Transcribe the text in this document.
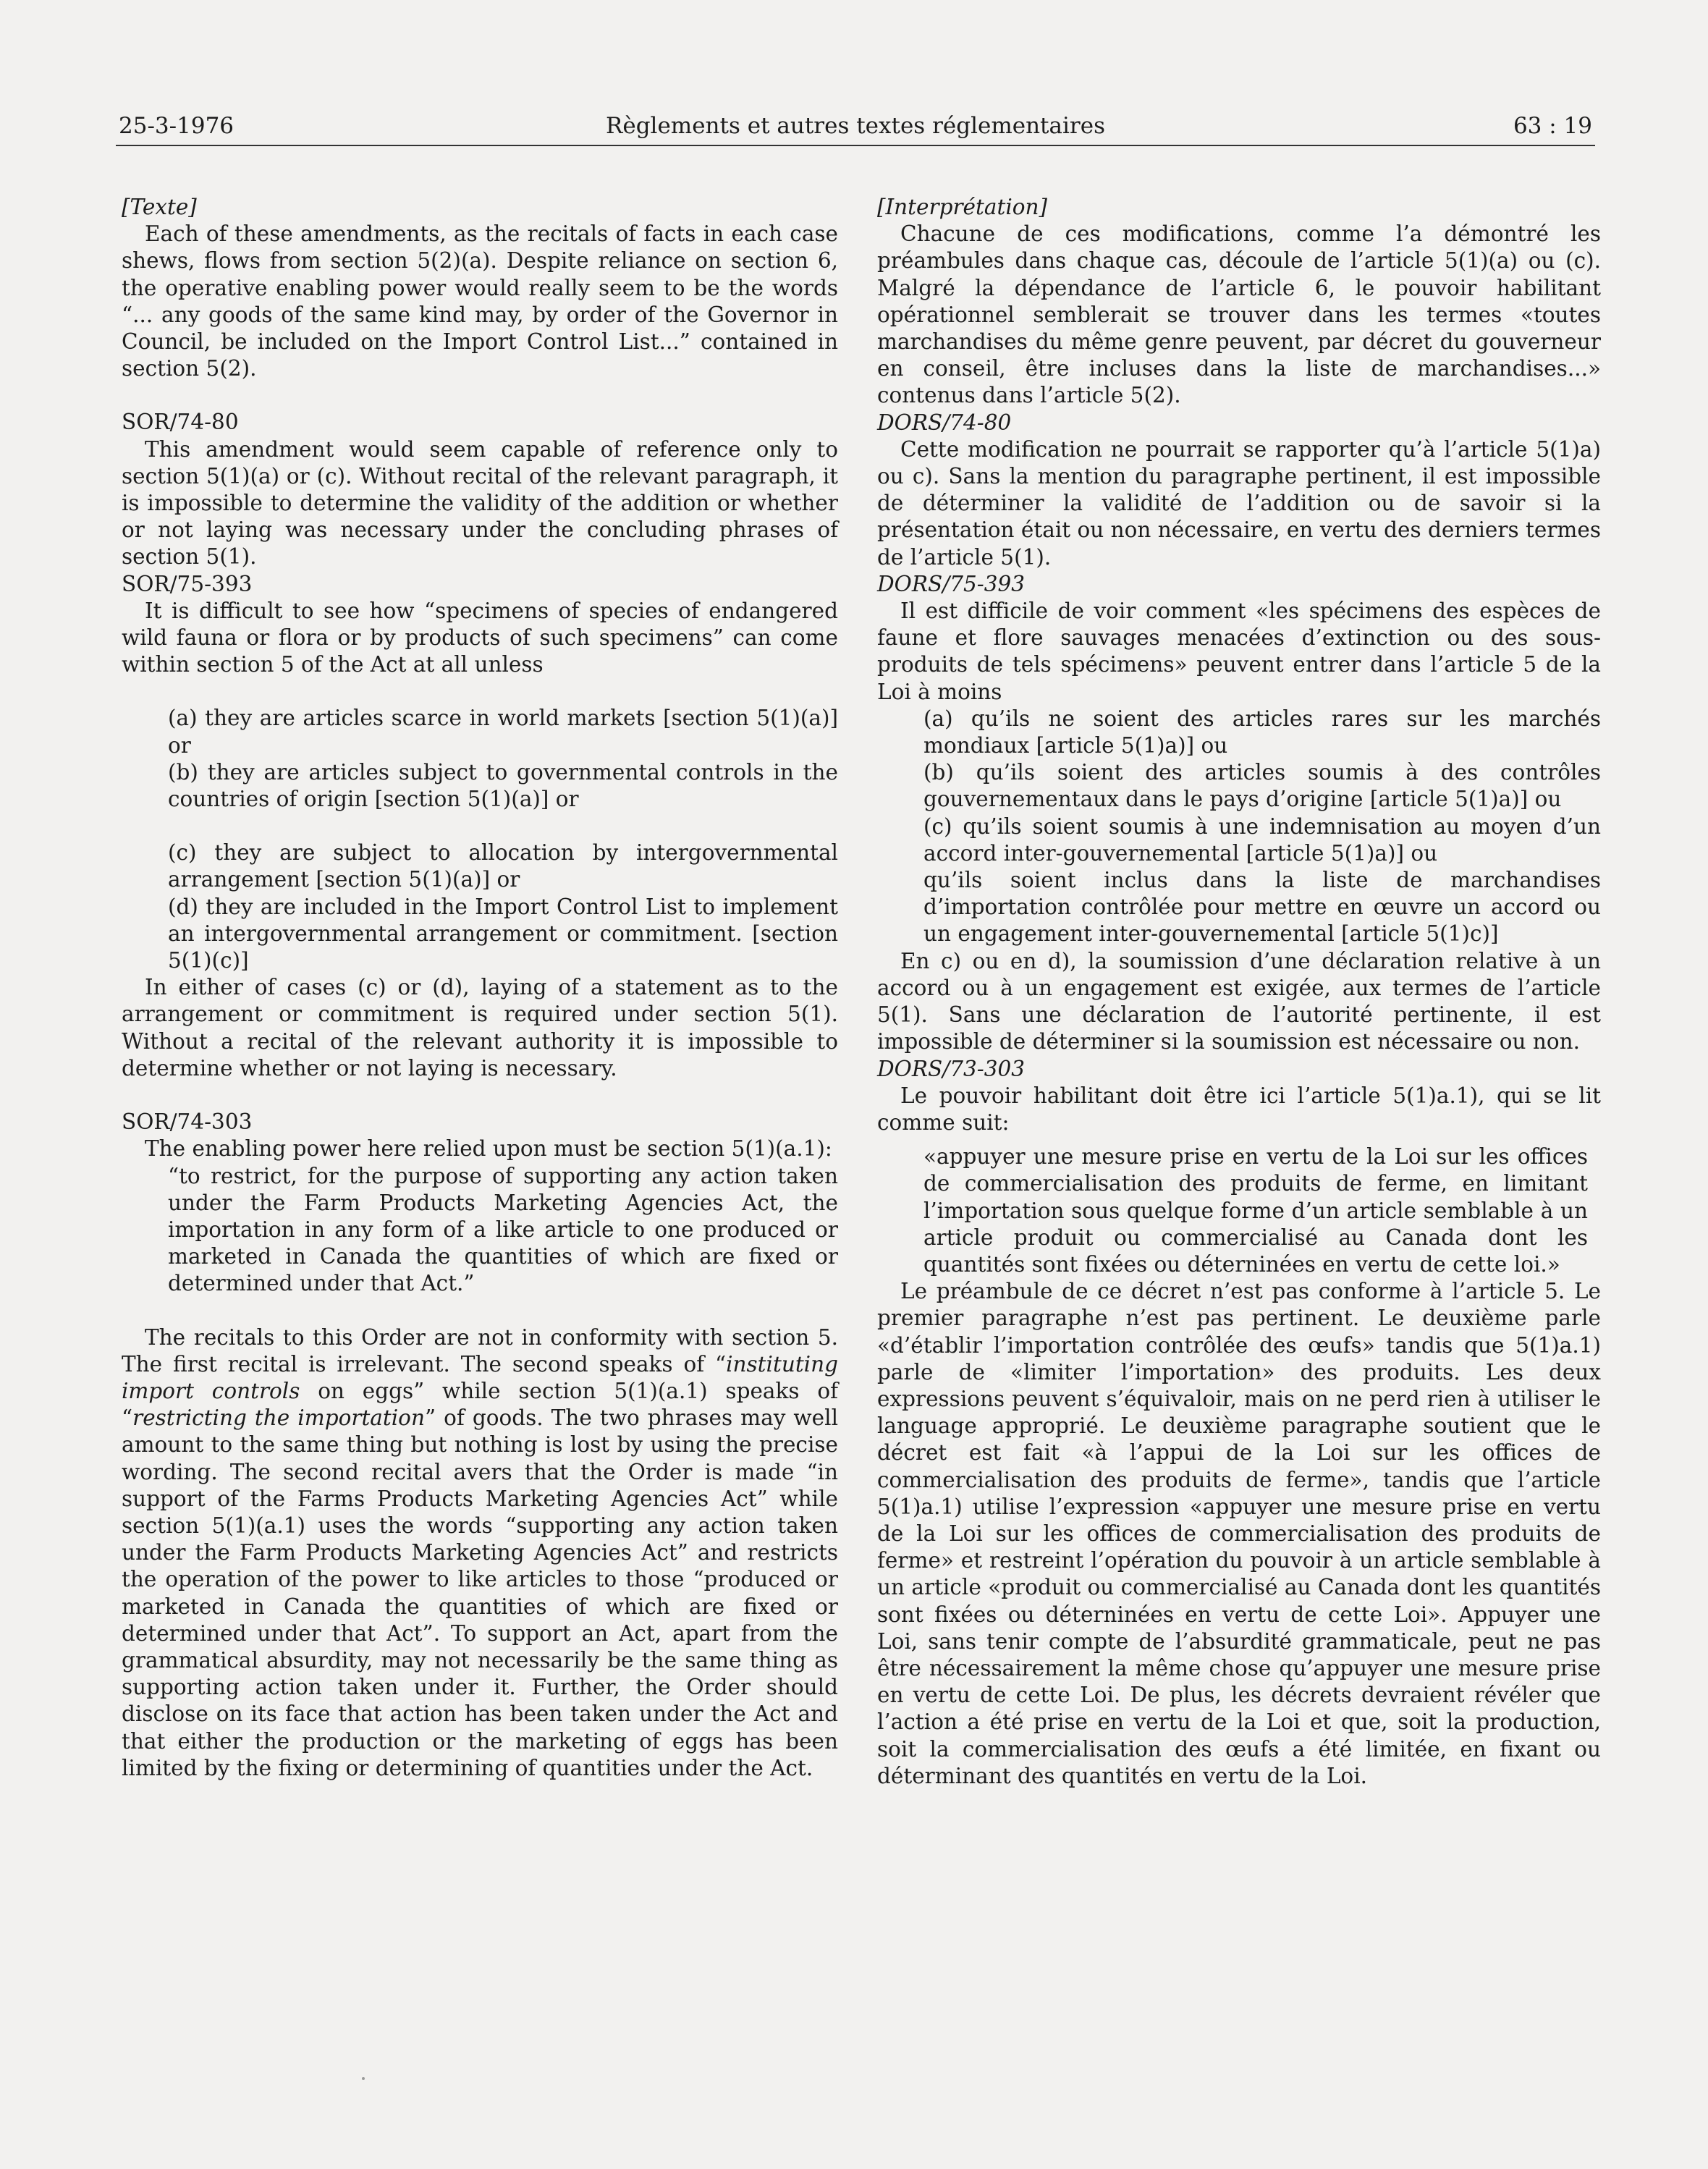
25-3-1976	Règlements et autres textes réglementaires	63 : 19

[Texte]

Each of these amendments, as the recitals of facts in each case shews, flows from section 5(2)(a). Despite reliance on section 6, the operative enabling power would really seem to be the words “... any goods of the same kind may, by order of the Governor in Council, be included on the Import Control List...” contained in section 5(2).

SOR/74-80

This amendment would seem capable of reference only to section 5(1)(a) or (c). Without recital of the relevant paragraph, it is impossible to determine the validity of the addition or whether or not laying was necessary under the concluding phrases of section 5(1).

SOR/75-393

It is difficult to see how “specimens of species of endangered wild fauna or flora or by products of such specimens” can come within section 5 of the Act at all unless

(a) they are articles scarce in world markets [section 5(1)(a)] or

(b) they are articles subject to governmental controls in the countries of origin [section 5(1)(a)] or

(c) they are subject to allocation by intergovernmental arrangement [section 5(1)(a)] or

(d) they are included in the Import Control List to implement an intergovernmental arrangement or commitment. [section 5(1)(c)]

In either of cases (c) or (d), laying of a statement as to the arrangement or commitment is required under section 5(1). Without a recital of the relevant authority it is impossible to determine whether or not laying is necessary.

SOR/74-303

The enabling power here relied upon must be section 5(1)(a.1):

“to restrict, for the purpose of supporting any action taken under the Farm Products Marketing Agencies Act, the importation in any form of a like article to one produced or marketed in Canada the quantities of which are fixed or determined under that Act.”

The recitals to this Order are not in conformity with section 5. The first recital is irrelevant. The second speaks of “instituting import controls on eggs” while section 5(1)(a.1) speaks of “restricting the importation” of goods. The two phrases may well amount to the same thing but nothing is lost by using the precise wording. The second recital avers that the Order is made “in support of the Farms Products Marketing Agencies Act” while section 5(1)(a.1) uses the words “supporting any action taken under the Farm Products Marketing Agencies Act” and restricts the operation of the power to like articles to those “produced or marketed in Canada the quantities of which are fixed or determined under that Act”. To support an Act, apart from the grammatical absurdity, may not necessarily be the same thing as supporting action taken under it. Further, the Order should disclose on its face that action has been taken under the Act and that either the production or the marketing of eggs has been limited by the fixing or determining of quantities under the Act.

[Interprétation]

Chacune de ces modifications, comme l’a démontré les préambules dans chaque cas, découle de l’article 5(1)(a) ou (c). Malgré la dépendance de l’article 6, le pouvoir habilitant opérationnel semblerait se trouver dans les termes «toutes marchandises du même genre peuvent, par décret du gouverneur en conseil, être incluses dans la liste de marchandises...» contenus dans l’article 5(2).

DORS/74-80

Cette modification ne pourrait se rapporter qu’à l’article 5(1)a) ou c). Sans la mention du paragraphe pertinent, il est impossible de déterminer la validité de l’addition ou de savoir si la présentation était ou non nécessaire, en vertu des derniers termes de l’article 5(1).

DORS/75-393

Il est difficile de voir comment «les spécimens des espèces de faune et flore sauvages menacées d’extinction ou des sous-produits de tels spécimens» peuvent entrer dans l’article 5 de la Loi à moins

(a) qu’ils ne soient des articles rares sur les marchés mondiaux [article 5(1)a)] ou

(b) qu’ils soient des articles soumis à des contrôles gouvernementaux dans le pays d’origine [article 5(1)a)] ou

(c) qu’ils soient soumis à une indemnisation au moyen d’un accord inter-gouvernemental [article 5(1)a)] ou

qu’ils soient inclus dans la liste de marchandises d’importation contrôlée pour mettre en œuvre un accord ou un engagement inter-gouvernemental [article 5(1)c)]

En c) ou en d), la soumission d’une déclaration relative à un accord ou à un engagement est exigée, aux termes de l’article 5(1). Sans une déclaration de l’autorité pertinente, il est impossible de déterminer si la soumission est nécessaire ou non.

DORS/73-303

Le pouvoir habilitant doit être ici l’article 5(1)a.1), qui se lit comme suit:

«appuyer une mesure prise en vertu de la Loi sur les offices de commercialisation des produits de ferme, en limitant l’importation sous quelque forme d’un article semblable à un article produit ou commercialisé au Canada dont les quantités sont fixées ou déterninées en vertu de cette loi.»

Le préambule de ce décret n’est pas conforme à l’article 5. Le premier paragraphe n’est pas pertinent. Le deuxième parle «d’établir l’importation contrôlée des œufs» tandis que 5(1)a.1) parle de «limiter l’importation» des produits. Les deux expressions peuvent s’équivaloir, mais on ne perd rien à utiliser le language approprié. Le deuxième paragraphe soutient que le décret est fait «à l’appui de la Loi sur les offices de commercialisation des produits de ferme», tandis que l’article 5(1)a.1) utilise l’expression «appuyer une mesure prise en vertu de la Loi sur les offices de commercialisation des produits de ferme» et restreint l’opération du pouvoir à un article semblable à un article «produit ou commercialisé au Canada dont les quantités sont fixées ou déterninées en vertu de cette Loi». Appuyer une Loi, sans tenir compte de l’absurdité grammaticale, peut ne pas être nécessairement la même chose qu’appuyer une mesure prise en vertu de cette Loi. De plus, les décrets devraient révéler que l’action a été prise en vertu de la Loi et que, soit la production, soit la commercialisation des œufs a été limitée, en fixant ou déterminant des quantités en vertu de la Loi.
